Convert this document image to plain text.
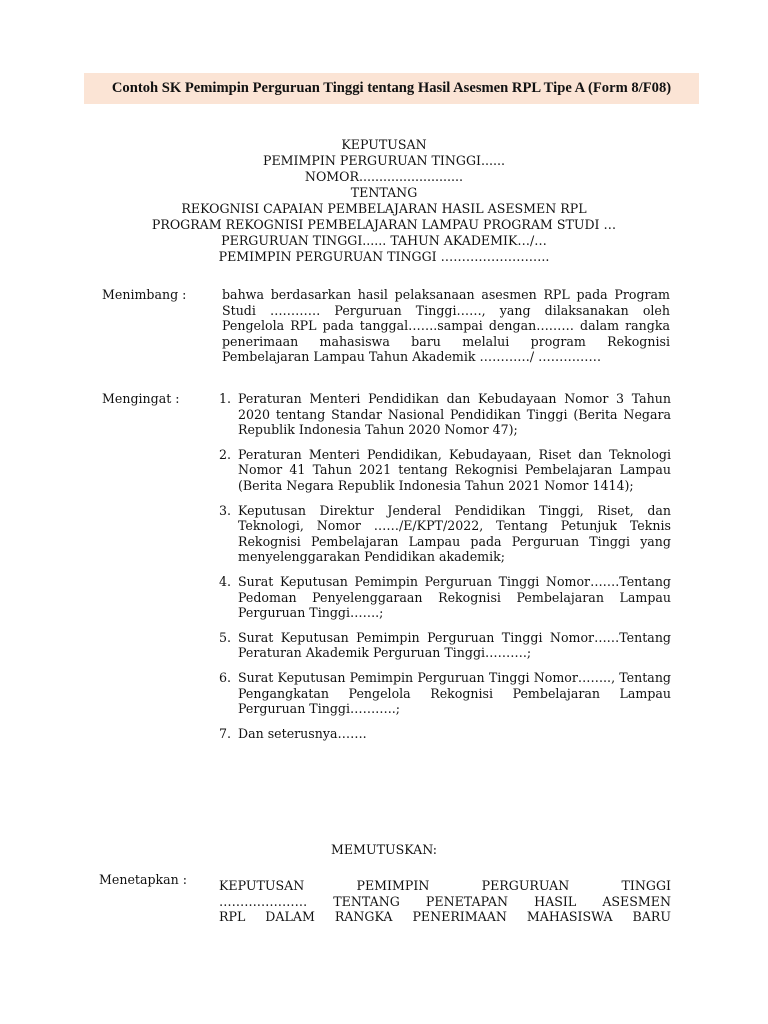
Contoh SK Pemimpin Perguruan Tinggi tentang Hasil Asesmen RPL Tipe A (Form 8/F08)
KEPUTUSAN
PEMIMPIN PERGURUAN TINGGI......
NOMOR..........................
TENTANG
REKOGNISI CAPAIAN PEMBELAJARAN HASIL ASESMEN RPL
PROGRAM REKOGNISI PEMBELAJARAN LAMPAU PROGRAM STUDI …
PERGURUAN TINGGI...... TAHUN AKADEMIK…/…
PEMIMPIN PERGURUAN TINGGI ……………………..
Menimbang :	bahwa berdasarkan hasil pelaksanaan asesmen RPL pada Program Studi ………… Perguruan Tinggi……, yang dilaksanakan oleh Pengelola RPL pada tanggal…….sampai dengan……… dalam rangka penerimaan mahasiswa baru melalui program Rekognisi Pembelajaran Lampau Tahun Akademik …………/ ……………
Mengingat :	1. Peraturan Menteri Pendidikan dan Kebudayaan Nomor 3 Tahun 2020 tentang Standar Nasional Pendidikan Tinggi (Berita Negara Republik Indonesia Tahun 2020 Nomor 47);
2. Peraturan Menteri Pendidikan, Kebudayaan, Riset dan Teknologi Nomor 41 Tahun 2021 tentang Rekognisi Pembelajaran Lampau (Berita Negara Republik Indonesia Tahun 2021 Nomor 1414);
3. Keputusan Direktur Jenderal Pendidikan Tinggi, Riset, dan Teknologi, Nomor ……/E/KPT/2022, Tentang Petunjuk Teknis Rekognisi Pembelajaran Lampau pada Perguruan Tinggi yang menyelenggarakan Pendidikan akademik;
4. Surat Keputusan Pemimpin Perguruan Tinggi Nomor…….Tentang Pedoman Penyelenggaraan Rekognisi Pembelajaran Lampau Perguruan Tinggi…….;
5. Surat Keputusan Pemimpin Perguruan Tinggi Nomor……Tentang Peraturan Akademik Perguruan Tinggi……….;
6. Surat Keputusan Pemimpin Perguruan Tinggi Nomor…….., Tentang Pengangkatan Pengelola Rekognisi Pembelajaran Lampau Perguruan Tinggi………..;
7. Dan seterusnya…….
MEMUTUSKAN:
Menetapkan :	KEPUTUSAN	PEMIMPIN	PERGURUAN	TINGGI
………………… TENTANG PENETAPAN HASIL ASESMEN
RPL DALAM RANGKA PENERIMAAN MAHASISWA BARU
